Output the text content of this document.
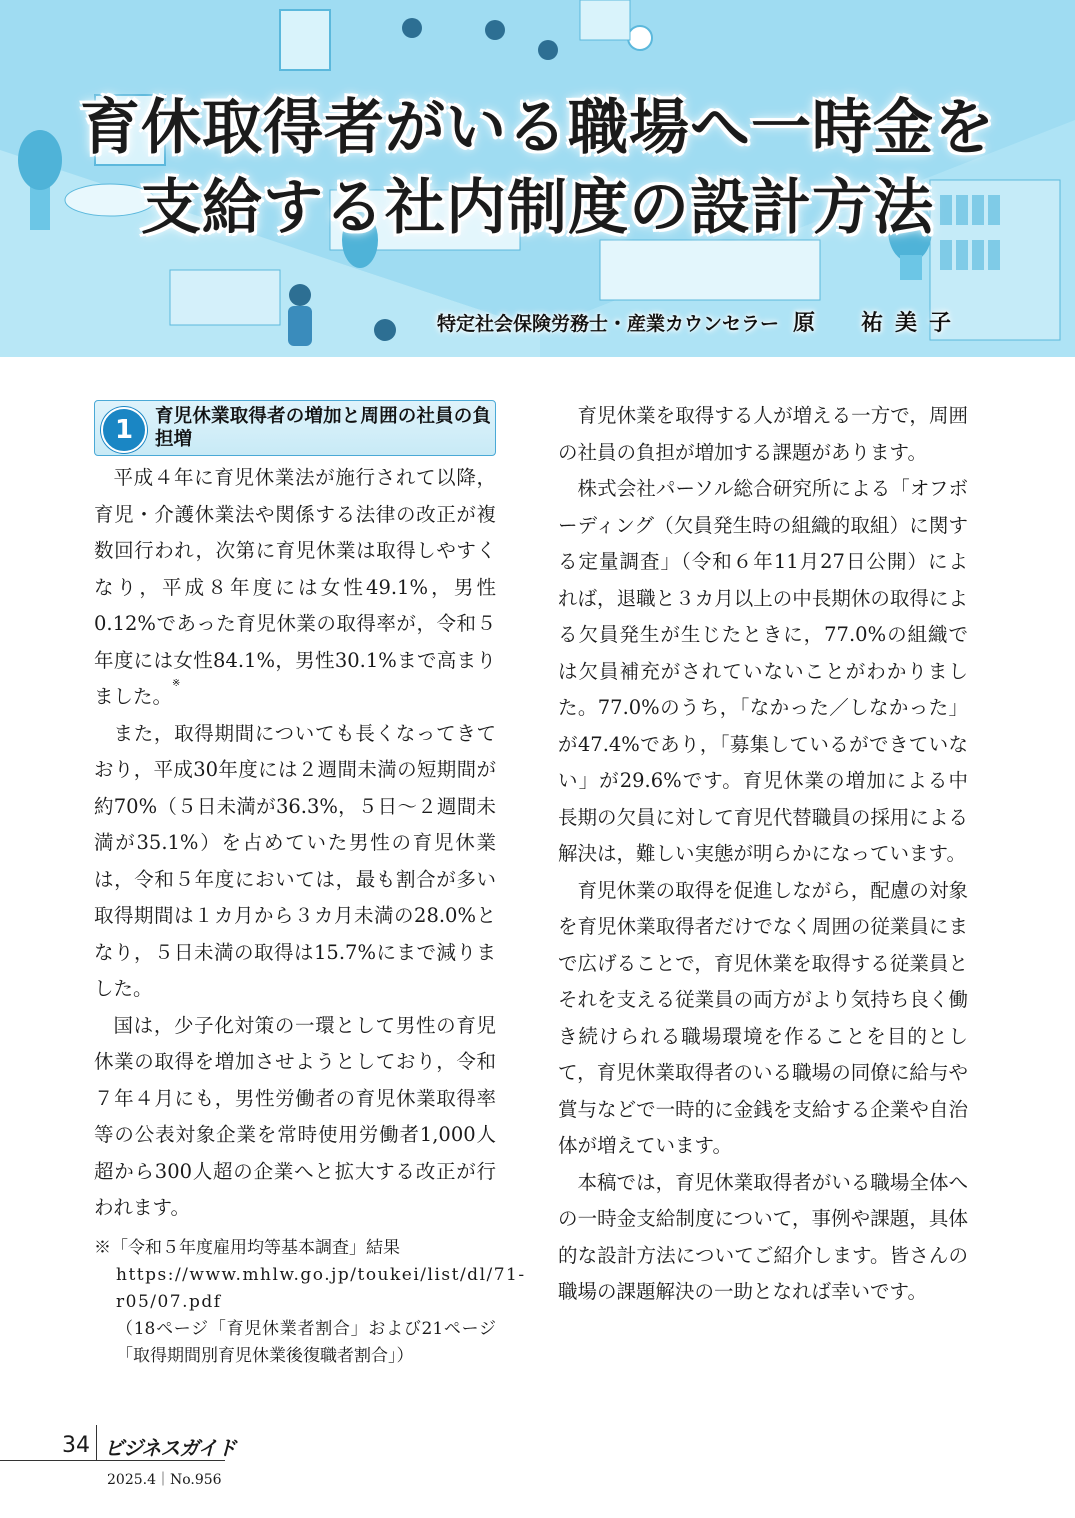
育休取得者がいる職場へ一時金を
支給する社内制度の設計方法
特定社会保険労務士・産業カウンセラー 原　祐美子
1	育児休業取得者の増加と周囲の社員の負担増

平成４年に育児休業法が施行されて以降，育児・介護休業法や関係する法律の改正が複数回行われ，次第に育児休業は取得しやすくなり，平成８年度には女性49.1%，男性0.12%であった育児休業の取得率が，令和５年度には女性84.1%，男性30.1%まで高まりました。※

また，取得期間についても長くなってきており，平成30年度には２週間未満の短期間が約70%（５日未満が36.3%，５日～２週間未満が35.1%）を占めていた男性の育児休業は，令和５年度においては，最も割合が多い取得期間は１カ月から３カ月未満の28.0%となり，５日未満の取得は15.7%にまで減りました。

国は，少子化対策の一環として男性の育児休業の取得を増加させようとしており，令和７年４月にも，男性労働者の育児休業取得率等の公表対象企業を常時使用労働者1,000人超から300人超の企業へと拡大する改正が行われます。

※「令和５年度雇用均等基本調査」結果
https://www.mhlw.go.jp/toukei/list/dl/71-r05/07.pdf
（18ページ「育児休業者割合」および21ページ「取得期間別育児休業後復職者割合」）

育児休業を取得する人が増える一方で，周囲の社員の負担が増加する課題があります。

株式会社パーソル総合研究所による「オフボーディング（欠員発生時の組織的取組）に関する定量調査」（令和６年11月27日公開）によれば，退職と３カ月以上の中長期休の取得による欠員発生が生じたときに，77.0%の組織では欠員補充がされていないことがわかりました。77.0%のうち，「なかった／しなかった」が47.4%であり，「募集しているができていない」が29.6%です。育児休業の増加による中長期の欠員に対して育児代替職員の採用による解決は，難しい実態が明らかになっています。

育児休業の取得を促進しながら，配慮の対象を育児休業取得者だけでなく周囲の従業員にまで広げることで，育児休業を取得する従業員とそれを支える従業員の両方がより気持ち良く働き続けられる職場環境を作ることを目的として，育児休業取得者のいる職場の同僚に給与や賞与などで一時的に金銭を支給する企業や自治体が増えています。

本稿では，育児休業取得者がいる職場全体への一時金支給制度について，事例や課題，具体的な設計方法についてご紹介します。皆さんの職場の課題解決の一助となれば幸いです。

34 ビジネスガイド
2025.4｜No.956
